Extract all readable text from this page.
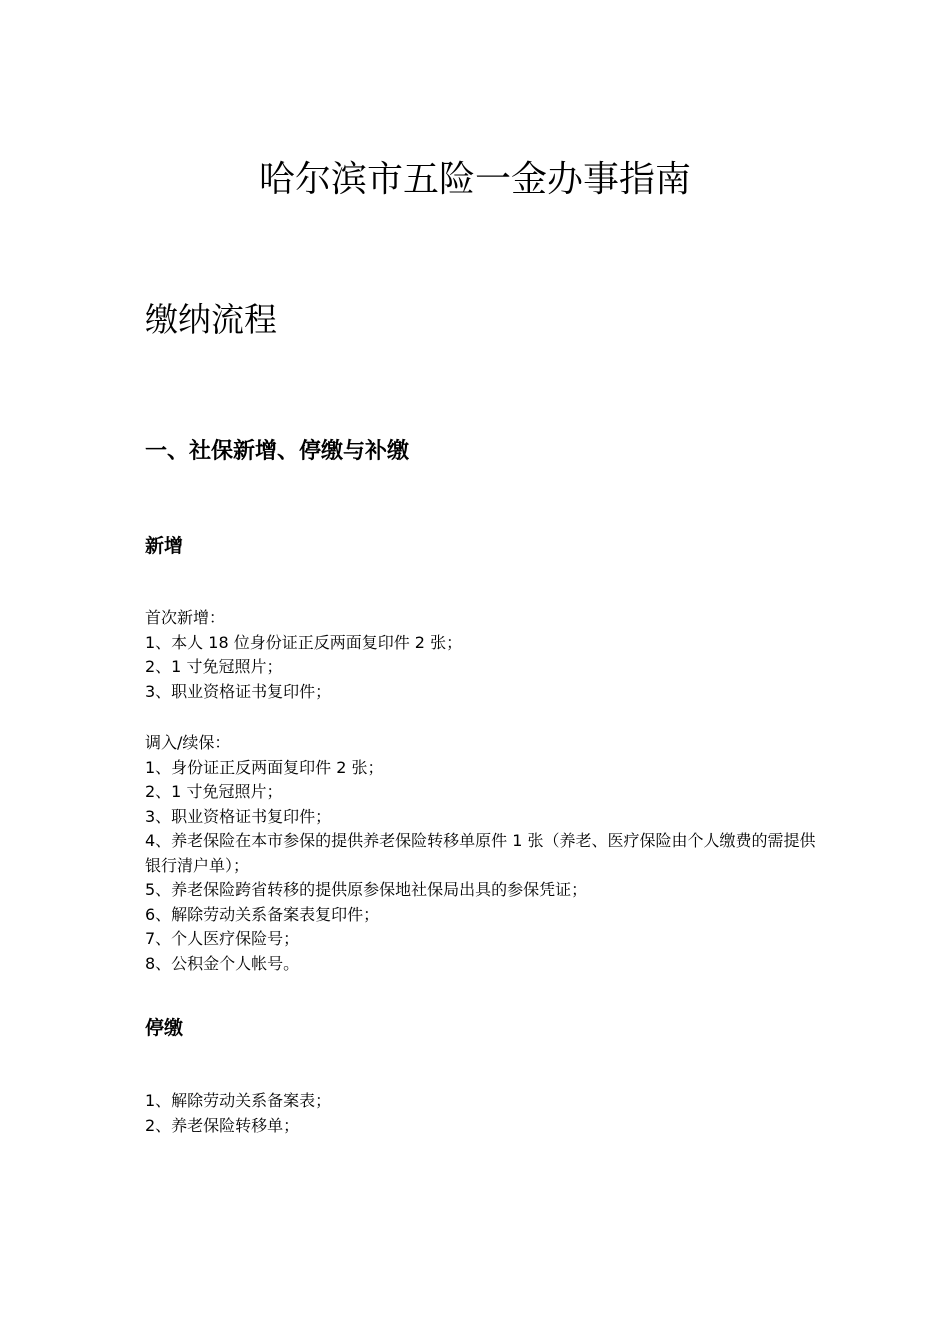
哈尔滨市五险一金办事指南
缴纳流程
一、社保新增、停缴与补缴
新增

首次新增：

1、本人 18 位身份证正反两面复印件 2 张；

2、1 寸免冠照片；

3、职业资格证书复印件；

调入/续保：

1、身份证正反两面复印件 2 张；

2、1 寸免冠照片；

3、职业资格证书复印件；

4、养老保险在本市参保的提供养老保险转移单原件 1 张（养老、医疗保险由个人缴费的需提供银行清户单）；

5、养老保险跨省转移的提供原参保地社保局出具的参保凭证；

6、解除劳动关系备案表复印件；

7、个人医疗保险号；

8、公积金个人帐号。

停缴

1、解除劳动关系备案表；

2、养老保险转移单；
